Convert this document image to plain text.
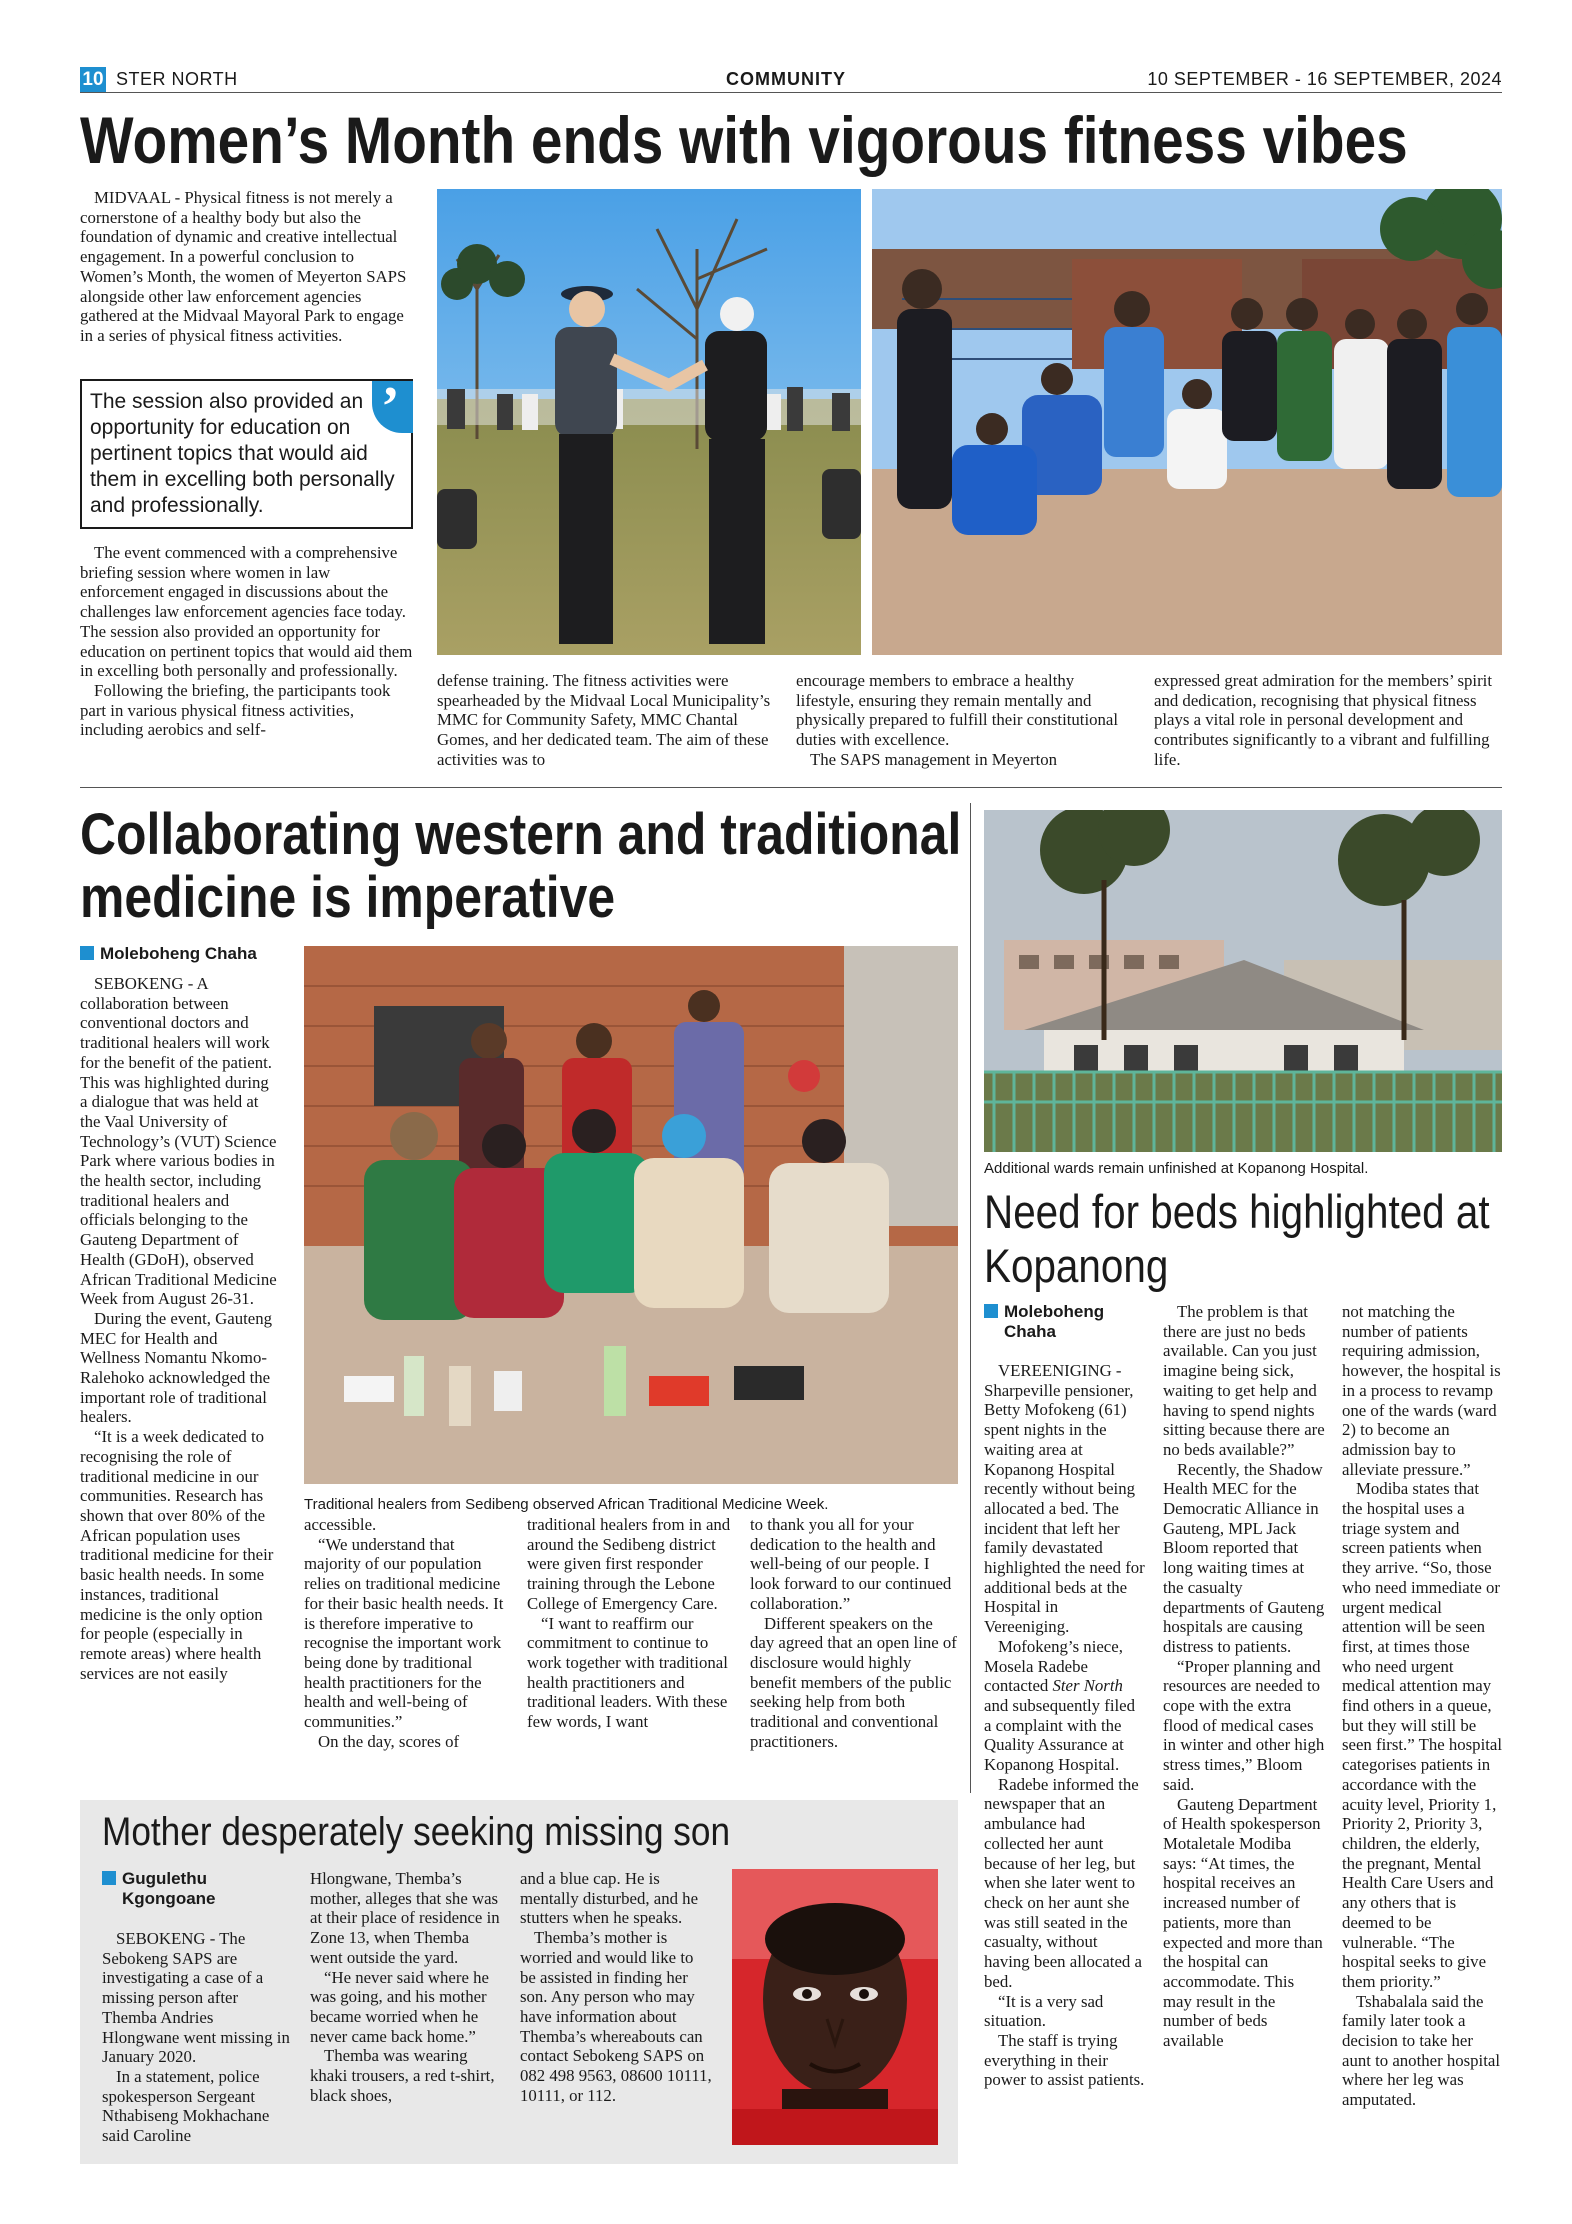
10 STER NORTH	COMMUNITY	10 SEPTEMBER - 16 SEPTEMBER, 2024
Women’s Month ends with vigorous fitness vibes

MIDVAAL - Physical fitness is not merely a cornerstone of a healthy body but also the foundation of dynamic and creative intellectual engagement. In a powerful conclusion to Women’s Month, the women of Meyerton SAPS alongside other law enforcement agencies gathered at the Midvaal Mayoral Park to engage in a series of physical fitness activities.

’
The session also provided an opportunity for education on pertinent topics that would aid them in excelling both personally and professionally.

The event commenced with a comprehensive briefing session where women in law enforcement engaged in discussions about the challenges law enforcement agencies face today. The session also provided an opportunity for education on pertinent topics that would aid them in excelling both personally and professionally.

Following the briefing, the participants took part in various physical fitness activities, including aerobics and self-

defense training. The fitness activities were spearheaded by the Midvaal Local Municipality’s MMC for Community Safety, MMC Chantal Gomes, and her dedicated team. The aim of these activities was to

encourage members to embrace a healthy lifestyle, ensuring they remain mentally and physically prepared to fulfill their constitutional duties with excellence.

The SAPS management in Meyerton

expressed great admiration for the members’ spirit and dedication, recognising that physical fitness plays a vital role in personal development and contributes significantly to a vibrant and fulfilling life.

Collaborating western and traditional
medicine is imperative
Moleboheng Chaha

SEBOKENG - A collaboration between conventional doctors and traditional healers will work for the benefit of the patient. This was highlighted during a dialogue that was held at the Vaal University of Technology’s (VUT) Science Park where various bodies in the health sector, including traditional healers and officials belonging to the Gauteng Department of Health (GDoH), observed African Traditional Medicine Week from August 26-31.

During the event, Gauteng MEC for Health and Wellness Nomantu Nkomo-Ralehoko acknowledged the important role of traditional healers.

“It is a week dedicated to recognising the role of traditional medicine in our communities. Research has shown that over 80% of the African population uses traditional medicine for their basic health needs. In some instances, traditional medicine is the only option for people (especially in remote areas) where health services are not easily

Traditional healers from Sedibeng observed African Traditional Medicine Week.

accessible.

“We understand that majority of our population relies on traditional medicine for their basic health needs. It is therefore imperative to recognise the important work being done by traditional health practitioners for the health and well-being of communities.”

On the day, scores of

traditional healers from in and around the Sedibeng district were given first responder training through the Lebone College of Emergency Care.

“I want to reaffirm our commitment to continue to work together with traditional health practitioners and traditional leaders. With these few words, I want

to thank you all for your dedication to the health and well-being of our people. I look forward to our continued collaboration.”

Different speakers on the day agreed that an open line of disclosure would highly benefit members of the public seeking help from both traditional and conventional practitioners.

Mother desperately seeking missing son
Gugulethu
Kgongoane

SEBOKENG - The Sebokeng SAPS are investigating a case of a missing person after Themba Andries Hlongwane went missing in January 2020.

In a statement, police spokesperson Sergeant Nthabiseng Mokhachane said Caroline

Hlongwane, Themba’s mother, alleges that she was at their place of residence in Zone 13, when Themba went outside the yard.

“He never said where he was going, and his mother became worried when he never came back home.”

Themba was wearing khaki trousers, a red t-shirt, black shoes,

and a blue cap. He is mentally disturbed, and he stutters when he speaks.

Themba’s mother is worried and would like to be assisted in finding her son. Any person who may have information about Themba’s whereabouts can contact Sebokeng SAPS on 082 498 9563, 08600 10111, 10111, or 112.

Additional wards remain unfinished at Kopanong Hospital.
Need for beds highlighted at
Kopanong
Moleboheng
Chaha

VEREENIGING - Sharpeville pensioner, Betty Mofokeng (61) spent nights in the waiting area at Kopanong Hospital recently without being allocated a bed. The incident that left her family devastated highlighted the need for additional beds at the Hospital in Vereeniging.

Mofokeng’s niece, Mosela Radebe contacted Ster North and subsequently filed a complaint with the Quality Assurance at Kopanong Hospital.

Radebe informed the newspaper that an ambulance had collected her aunt because of her leg, but when she later went to check on her aunt she was still seated in the casualty, without having been allocated a bed.

“It is a very sad situation.

The staff is trying everything in their power to assist patients.

The problem is that there are just no beds available. Can you just imagine being sick, waiting to get help and having to spend nights sitting because there are no beds available?”

Recently, the Shadow Health MEC for the Democratic Alliance in Gauteng, MPL Jack Bloom reported that long waiting times at the casualty departments of Gauteng hospitals are causing distress to patients.

“Proper planning and resources are needed to cope with the extra flood of medical cases in winter and other high stress times,” Bloom said.

Gauteng Department of Health spokesperson Motaletale Modiba says: “At times, the hospital receives an increased number of patients, more than expected and more than the hospital can accommodate. This may result in the number of beds available

not matching the number of patients requiring admission, however, the hospital is in a process to revamp one of the wards (ward 2) to become an admission bay to alleviate pressure.”

Modiba states that the hospital uses a triage system and screen patients when they arrive. “So, those who need immediate or urgent medical attention will be seen first, at times those who need urgent medical attention may find others in a queue, but they will still be seen first.” The hospital categorises patients in accordance with the acuity level, Priority 1, Priority 2, Priority 3, children, the elderly, the pregnant, Mental Health Care Users and any others that is deemed to be vulnerable. “The hospital seeks to give them priority.”

Tshabalala said the family later took a decision to take her aunt to another hospital where her leg was amputated.
